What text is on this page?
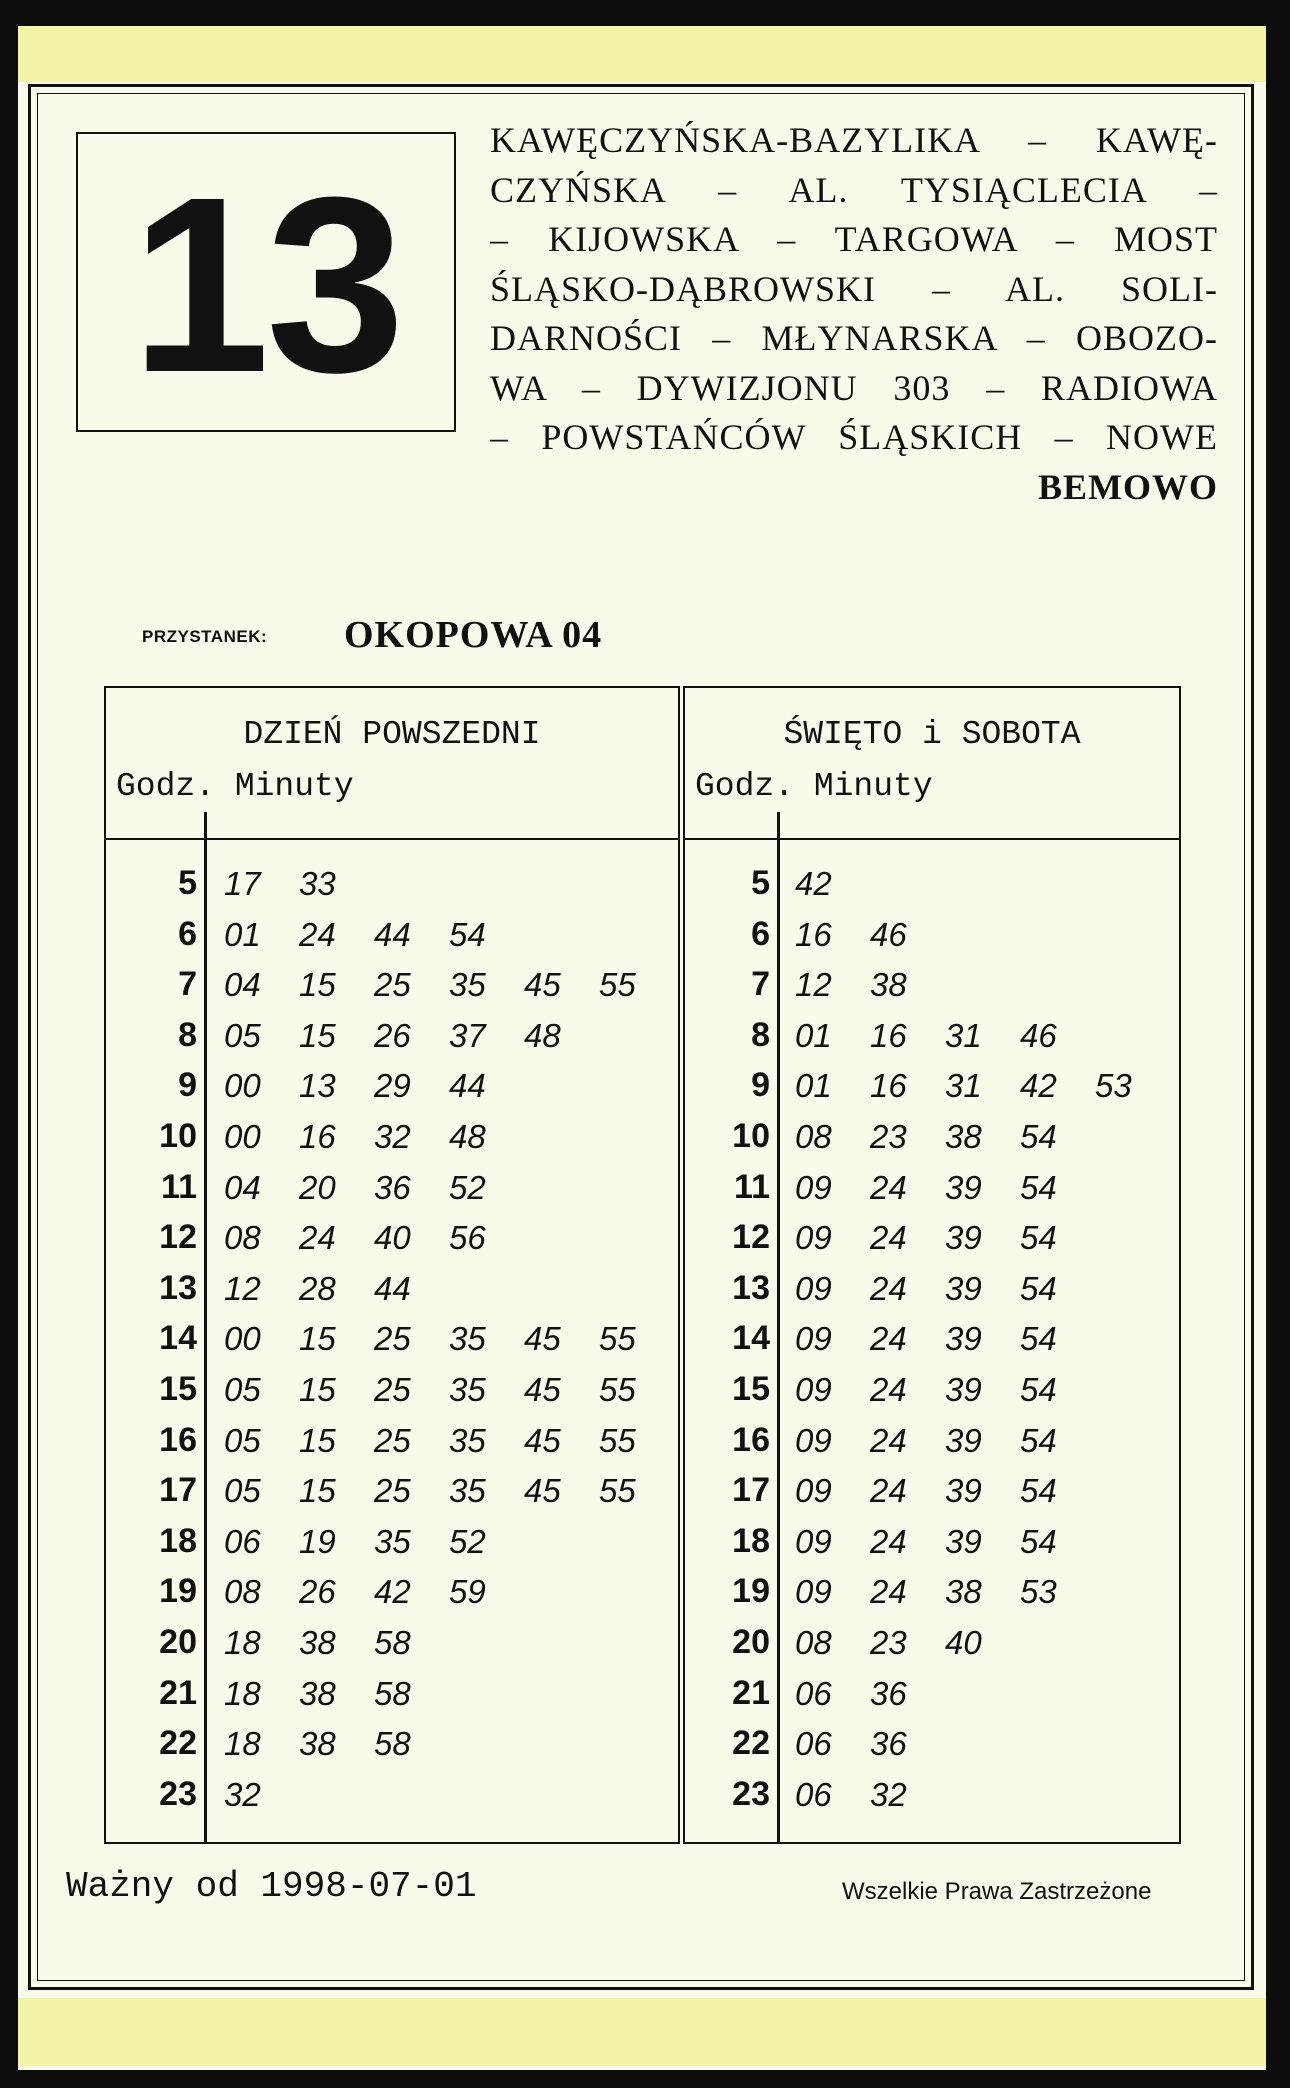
13
KAWĘCZYŃSKA-BAZYLIKA – KAWĘ-
CZYŃSKA – AL. TYSIĄCLECIA –
– KIJOWSKA – TARGOWA – MOST
ŚLĄSKO-DĄBROWSKI – AL. SOLI-
DARNOŚCI – MŁYNARSKA – OBOZO-
WA – DYWIZJONU 303 – RADIOWA
– POWSTAŃCÓW ŚLĄSKICH – NOWE
BEMOWO
PRZYSTANEK: OKOPOWA 04
DZIEŃ POWSZEDNI
Godz. Minuty
5 17	33
6 01	24	44	54
7 04	15	25	35	45	55
8 05	15	26	37	48
9 00	13	29	44
10 00	16	32	48
11 04	20	36	52
12 08	24	40	56
13 12	28	44
14 00	15	25	35	45	55
15 05	15	25	35	45	55
16 05	15	25	35	45	55
17 05	15	25	35	45	55
18 06	19	35	52
19 08	26	42	59
20 18	38	58
21 18	38	58
22 18	38	58
23 32
ŚWIĘTO i SOBOTA
Godz. Minuty
5 42
6 16	46
7 12	38
8 01	16	31	46
9 01	16	31	42	53
10 08	23	38	54
11 09	24	39	54
12 09	24	39	54
13 09	24	39	54
14 09	24	39	54
15 09	24	39	54
16 09	24	39	54
17 09	24	39	54
18 09	24	39	54
19 09	24	38	53
20 08	23	40
21 06	36
22 06	36
23 06	32
Ważny od 1998-07-01	Wszelkie Prawa Zastrzeżone
